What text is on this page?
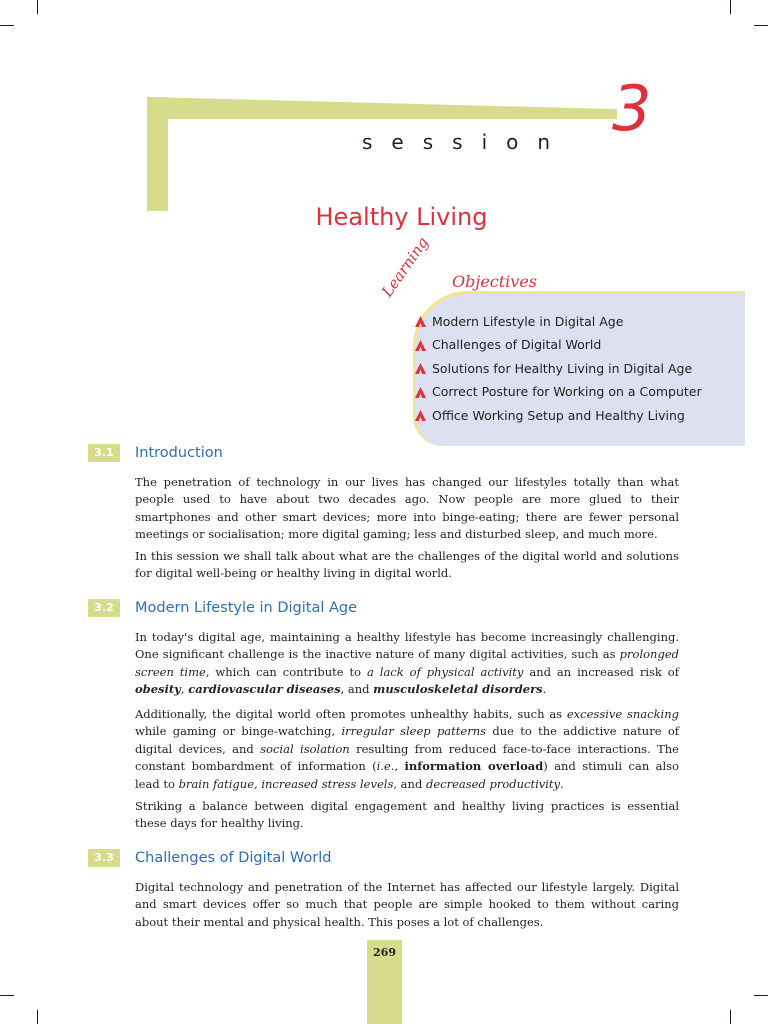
3
session
Healthy Living
Learning Objectives
Modern Lifestyle in Digital Age
Challenges of Digital World
Solutions for Healthy Living in Digital Age
Correct Posture for Working on a Computer
Office Working Setup and Healthy Living
3.1	Introduction

The penetration of technology in our lives has changed our lifestyles totally than what people used to have about two decades ago. Now people are more glued to their smartphones and other smart devices; more into binge-eating; there are fewer personal meetings or socialisation; more digital gaming; less and disturbed sleep, and much more.

In this session we shall talk about what are the challenges of the digital world and solutions for digital well-being or healthy living in digital world.

3.2	Modern Lifestyle in Digital Age

In today's digital age, maintaining a healthy lifestyle has become increasingly challenging. One significant challenge is the inactive nature of many digital activities, such as prolonged screen time, which can contribute to a lack of physical activity and an increased risk of obesity, cardiovascular diseases, and musculoskeletal disorders.

Additionally, the digital world often promotes unhealthy habits, such as excessive snacking while gaming or binge-watching, irregular sleep patterns due to the addictive nature of digital devices, and social isolation resulting from reduced face-to-face interactions. The constant bombardment of information (i.e., information overload) and stimuli can also lead to brain fatigue, increased stress levels, and decreased productivity.

Striking a balance between digital engagement and healthy living practices is essential these days for healthy living.

3.3	Challenges of Digital World

Digital technology and penetration of the Internet has affected our lifestyle largely. Digital and smart devices offer so much that people are simple hooked to them without caring about their mental and physical health. This poses a lot of challenges.

269
